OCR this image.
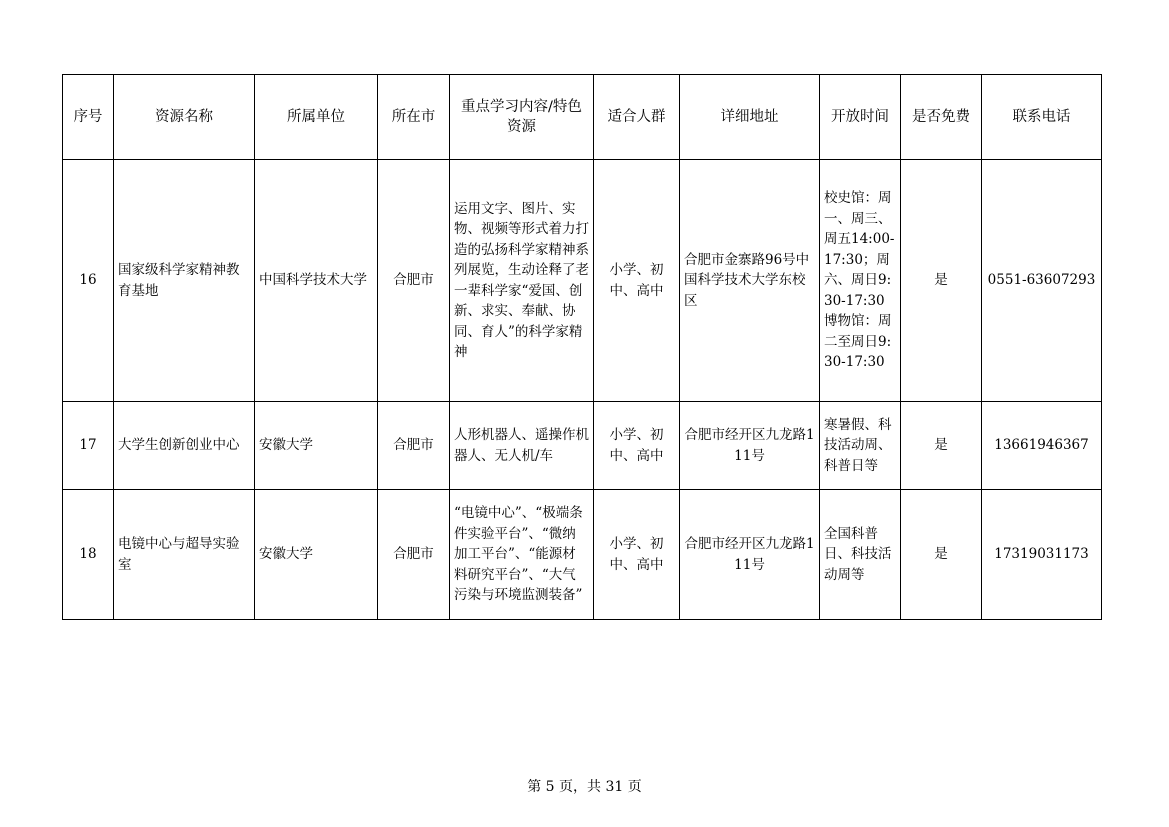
序号	资源名称	所属单位	所在市	重点学习内容/特色资源	适合人群	详细地址	开放时间	是否免费	联系电话
16	国家级科学家精神教育基地	中国科学技术大学	合肥市	运用文字、图片、实物、视频等形式着力打造的弘扬科学家精神系列展览，生动诠释了老一辈科学家“爱国、创新、求实、奉献、协同、育人”的科学家精神	小学、初中、高中	合肥市金寨路96号中国科学技术大学东校区	校史馆：周一、周三、周五14:00-17:30；周六、周日9:30-17:30博物馆：周二至周日9:30-17:30	是	0551-63607293
17	大学生创新创业中心	安徽大学	合肥市	人形机器人、遥操作机器人、无人机/车	小学、初中、高中	合肥市经开区九龙路111号	寒暑假、科技活动周、科普日等	是	13661946367
18	电镜中心与超导实验室	安徽大学	合肥市	“电镜中心”、“极端条件实验平台”、“微纳加工平台”、“能源材料研究平台”、“大气污染与环境监测装备”	小学、初中、高中	合肥市经开区九龙路111号	全国科普日、科技活动周等	是	17319031173
第 5 页，共 31 页
